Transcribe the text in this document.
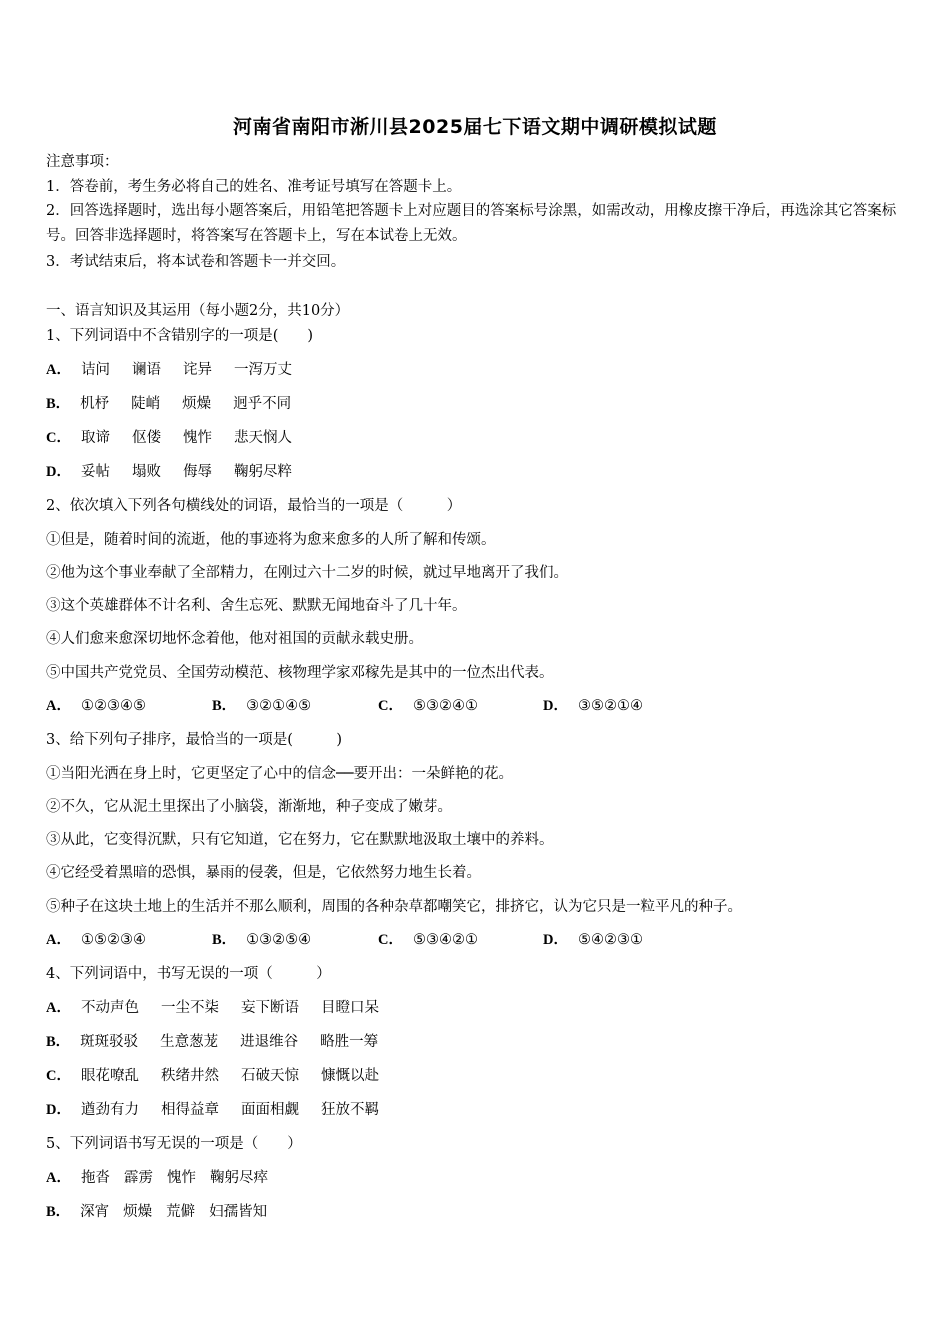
河南省南阳市淅川县2025届七下语文期中调研模拟试题
注意事项：
1．答卷前，考生务必将自己的姓名、准考证号填写在答题卡上。
2．回答选择题时，选出每小题答案后，用铅笔把答题卡上对应题目的答案标号涂黑，如需改动，用橡皮擦干净后，再选涂其它答案标号。回答非选择题时，将答案写在答题卡上，写在本试卷上无效。
3．考试结束后，将本试卷和答题卡一并交回。
一、语言知识及其运用（每小题2分，共10分）
1、下列词语中不含错别字的一项是(　　)
A． 诘问 谰语 诧异 一泻万丈
B． 机杼 陡峭 烦燥 迥乎不同
C． 取谛 伛偻 愧怍 悲天悯人
D． 妥帖 塌败 侮辱 鞠躬尽粹
2、依次填入下列各句横线处的词语，最恰当的一项是（　　　）
①但是，随着时间的流逝，他的事迹将为愈来愈多的人所了解和传颂。
②他为这个事业奉献了全部精力，在刚过六十二岁的时候，就过早地离开了我们。
③这个英雄群体不计名利、舍生忘死、默默无闻地奋斗了几十年。
④人们愈来愈深切地怀念着他，他对祖国的贡献永载史册。
⑤中国共产党党员、全国劳动模范、核物理学家邓稼先是其中的一位杰出代表。
A． ①②③④⑤	B． ③②①④⑤	C． ⑤③②④①	D． ③⑤②①④
3、给下列句子排序，最恰当的一项是(　　　)
①当阳光洒在身上时，它更坚定了心中的信念──要开出：一朵鲜艳的花。
②不久，它从泥土里探出了小脑袋，渐渐地，种子变成了嫩芽。
③从此，它变得沉默，只有它知道，它在努力，它在默默地汲取土壤中的养料。
④它经受着黑暗的恐惧，暴雨的侵袭，但是，它依然努力地生长着。
⑤种子在这块土地上的生活并不那么顺利，周围的各种杂草都嘲笑它，排挤它，认为它只是一粒平凡的种子。
A． ①⑤②③④	B． ①③②⑤④	C． ⑤③④②①	D． ⑤④②③①
4、下列词语中，书写无误的一项（　　　）
A． 不动声色 一尘不柒 妄下断语 目瞪口呆
B． 斑斑驳驳 生意葱茏 进退维谷 略胜一筹
C． 眼花嘹乱 秩绪井然 石破天惊 慷慨以赴
D． 遒劲有力 相得益章 面面相觑 狂放不羁
5、下列词语书写无误的一项是（　　）
A． 拖沓 霹雳 愧怍 鞠躬尽瘁
B． 深宵 烦燥 荒僻 妇孺皆知
